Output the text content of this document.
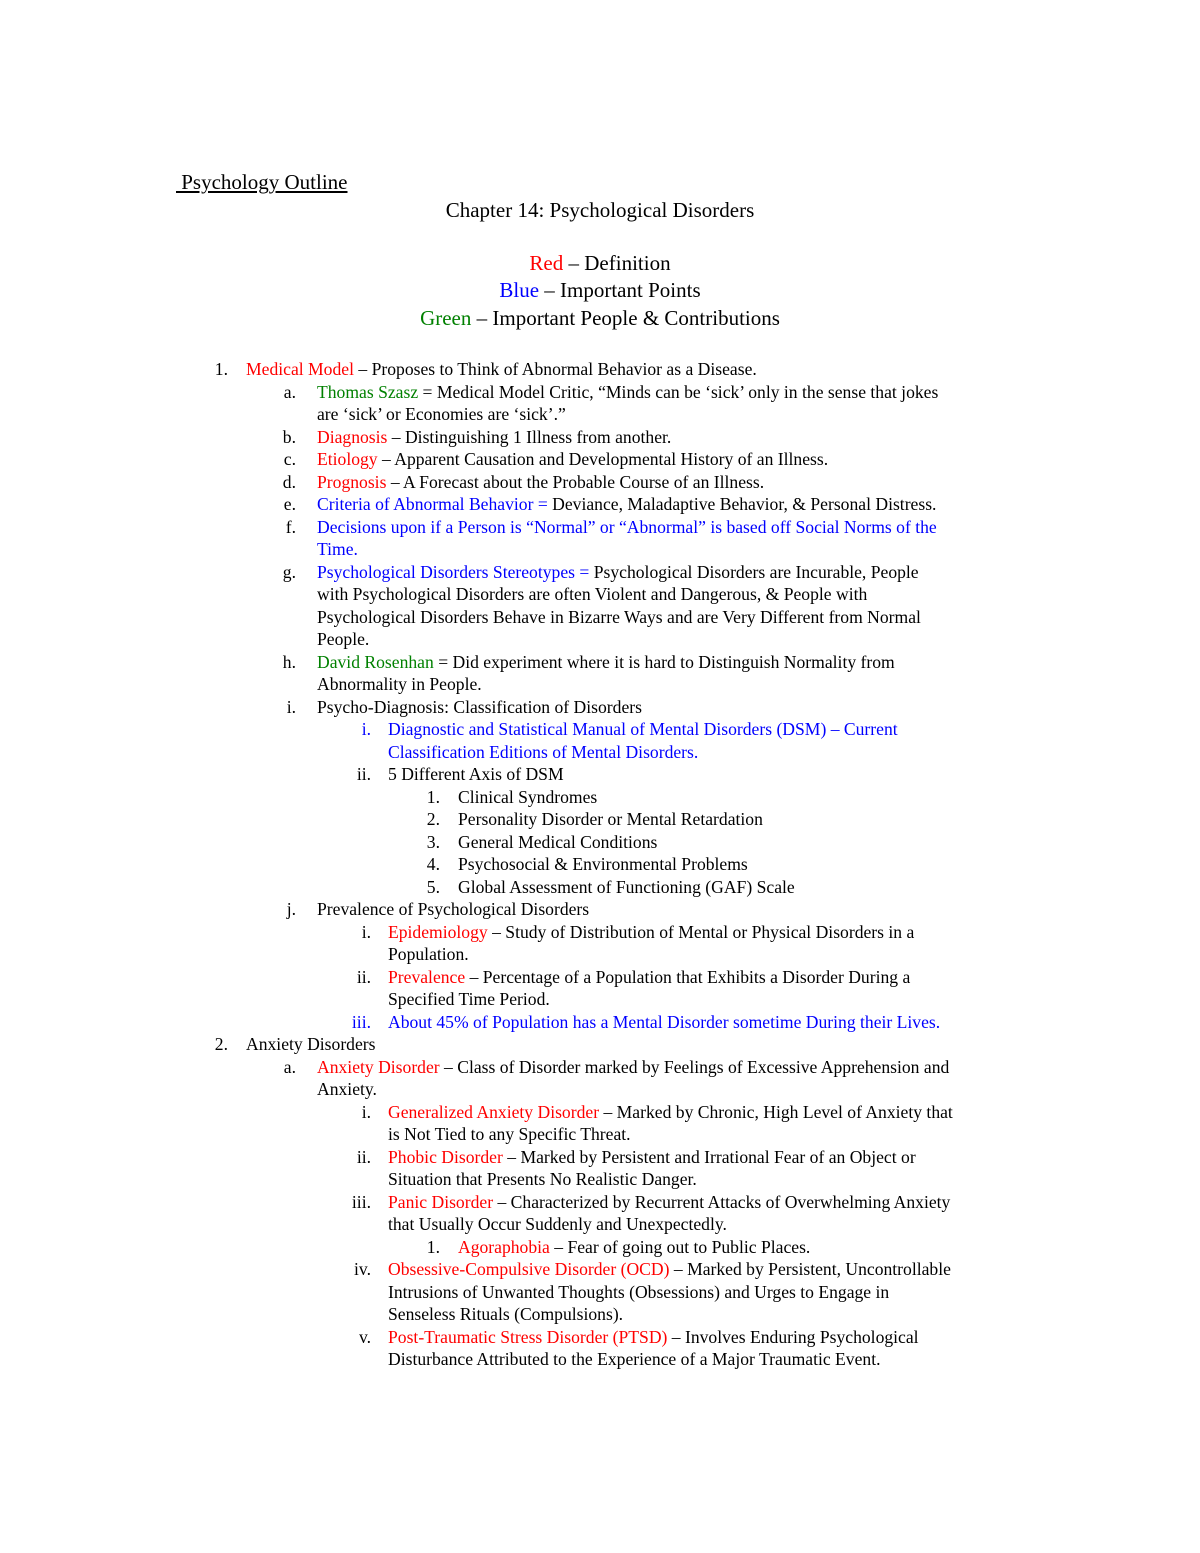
Psychology Outline
Chapter 14: Psychological Disorders
Red – Definition
Blue – Important Points
Green – Important People & Contributions
1. Medical Model – Proposes to Think of Abnormal Behavior as a Disease.
a. Thomas Szasz = Medical Model Critic, “Minds can be ‘sick’ only in the sense that jokes
are ‘sick’ or Economies are ‘sick’.”
b. Diagnosis – Distinguishing 1 Illness from another.
c. Etiology – Apparent Causation and Developmental History of an Illness.
d. Prognosis – A Forecast about the Probable Course of an Illness.
e. Criteria of Abnormal Behavior = Deviance, Maladaptive Behavior, & Personal Distress.
f. Decisions upon if a Person is “Normal” or “Abnormal” is based off Social Norms of the
Time.
g. Psychological Disorders Stereotypes = Psychological Disorders are Incurable, People
with Psychological Disorders are often Violent and Dangerous, & People with
Psychological Disorders Behave in Bizarre Ways and are Very Different from Normal
People.
h. David Rosenhan = Did experiment where it is hard to Distinguish Normality from
Abnormality in People.
i. Psycho-Diagnosis: Classification of Disorders
i. Diagnostic and Statistical Manual of Mental Disorders (DSM) – Current
Classification Editions of Mental Disorders.
ii. 5 Different Axis of DSM
1. Clinical Syndromes
2. Personality Disorder or Mental Retardation
3. General Medical Conditions
4. Psychosocial & Environmental Problems
5. Global Assessment of Functioning (GAF) Scale
j. Prevalence of Psychological Disorders
i. Epidemiology – Study of Distribution of Mental or Physical Disorders in a
Population.
ii. Prevalence – Percentage of a Population that Exhibits a Disorder During a
Specified Time Period.
iii. About 45% of Population has a Mental Disorder sometime During their Lives.
2. Anxiety Disorders
a. Anxiety Disorder – Class of Disorder marked by Feelings of Excessive Apprehension and
Anxiety.
i. Generalized Anxiety Disorder – Marked by Chronic, High Level of Anxiety that
is Not Tied to any Specific Threat.
ii. Phobic Disorder – Marked by Persistent and Irrational Fear of an Object or
Situation that Presents No Realistic Danger.
iii. Panic Disorder – Characterized by Recurrent Attacks of Overwhelming Anxiety
that Usually Occur Suddenly and Unexpectedly.
1. Agoraphobia – Fear of going out to Public Places.
iv. Obsessive-Compulsive Disorder (OCD) – Marked by Persistent, Uncontrollable
Intrusions of Unwanted Thoughts (Obsessions) and Urges to Engage in
Senseless Rituals (Compulsions).
v. Post-Traumatic Stress Disorder (PTSD) – Involves Enduring Psychological
Disturbance Attributed to the Experience of a Major Traumatic Event.
